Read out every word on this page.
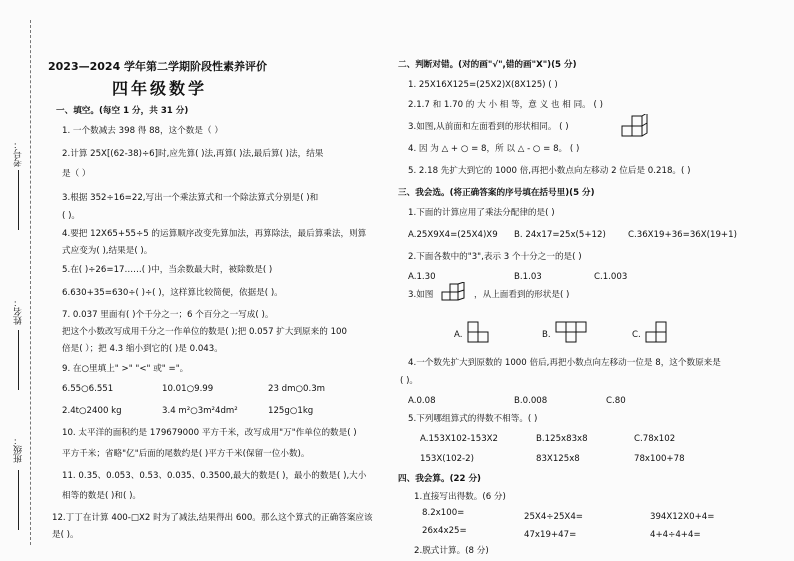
考号：
姓名：
班级：
2023—2024 学年第二学期阶段性素养评价
四年级数学
一、填空。(每空 1 分，共 31 分)
1. 一个数减去 398 得 88，这个数是（ ）
2.计算 25X[(62-38)÷6]时,应先算( )法,再算( )法,最后算( )法，结果
是（ ）
3.根据 352÷16=22,写出一个乘法算式和一个除法算式分别是( )和
( )。
4.要把 12X65+55÷5 的运算顺序改变先算加法，再算除法，最后算乘法，则算
式应变为( ),结果是( )。
5.在( )÷26=17……( )中，当余数最大时，被除数是( )
6.630+35=630÷( )÷( )，这样算比较简便，依据是( )。
7. 0.037 里面有( )个千分之一；6 个百分之一写成( )。
把这个小数改写成用千分之一作单位的数是( );把 0.057 扩大到原来的 100
倍是( ）；把 4.3 缩小到它的( )是 0.043。
9. 在○里填上" >" "<" 或" ="。
6.55○6.551	10.01○9.99	23 dm○0.3m
2.4t○2400 kg	3.4 m²○3m²4dm²	125g○1kg
10. 太平洋的面积约是 179679000 平方千米，改写成用"万"作单位的数是( )
平方千米；省略"亿"后面的尾数约是( )平方千米(保留一位小数)。
11. 0.35、0.053、0.53、0.035、0.3500,最大的数是( )，最小的数是( ),大小
相等的数是( )和( )。
12.丁丁在计算 400-□X2 时为了减法,结果得出 600。那么这个算式的正确答案应该
是( )。
二、判断对错。(对的画"√",错的画"X")(5 分)
1. 25X16X125=(25X2)X(8X125) ( )
2.1.7 和 1.70 的 大 小 相 等，意 义 也 相 同。 ( )
3.如图,从前面和左面看到的形状相同。 ( )
4. 因 为 △ + ○ = 8，所 以 △ - ○ = 8。 ( )
5. 2.18 先扩大到它的 1000 倍,再把小数点向左移动 2 位后是 0.218。( )
三、我会选。(将正确答案的序号填在括号里)(5 分)
1.下面的计算应用了乘法分配律的是( )
A.25X9X4=(25X4)X9 B. 24x17=25x(5+12)	C.36X19+36=36X(19+1)
2.下面各数中的"3",表示 3 个十分之一的是( )
A.1.30	B.1.03	C.1.003
3.如图	，从上面看到的形状是( )
A.	B.	C.
4.一个数先扩大到原数的 1000 倍后,再把小数点向左移动一位是 8，这个数原来是
( )。
A.0.08	B.0.008	C.80
5.下列哪组算式的得数不相等。( )
A.153X102-153X2	B.125x83x8	C.78x102
153X(102-2)	83X125x8	78x100+78
四、我会算。(22 分)
1.直接写出得数。(6 分)
8.2x100=	25X4÷25X4=	394X12X0+4=
26x4x25=	47x19+47=	4+4÷4+4=
2.脱式计算。(8 分)
